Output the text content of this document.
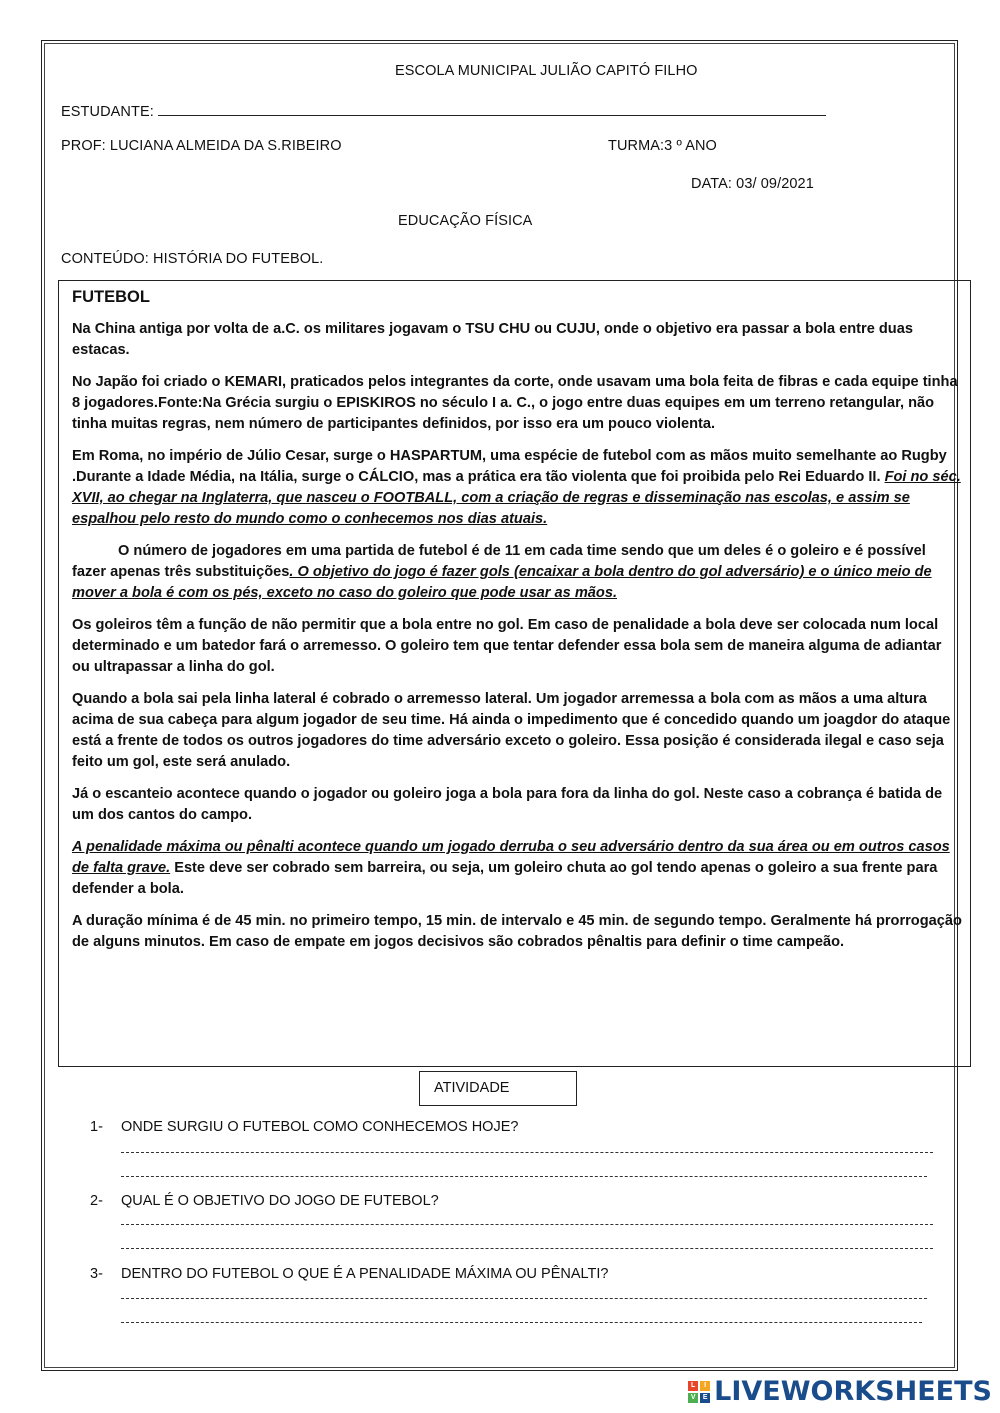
ESCOLA MUNICIPAL JULIÃO CAPITÓ FILHO
ESTUDANTE:
PROF: LUCIANA ALMEIDA DA S.RIBEIRO	TURMA:3 º ANO
DATA: 03/ 09/2021
EDUCAÇÃO FÍSICA
CONTEÚDO: HISTÓRIA DO FUTEBOL.
FUTEBOL

Na China antiga por volta de a.C. os militares jogavam o TSU CHU ou CUJU, onde o objetivo era passar a bola entre duas estacas.

No Japão foi criado o KEMARI, praticados pelos integrantes da corte, onde usavam uma bola feita de fibras e cada equipe tinha 8 jogadores.Fonte:Na Grécia surgiu o EPISKIROS no século I a. C., o jogo entre duas equipes em um terreno retangular, não tinha muitas regras, nem número de participantes definidos, por isso era um pouco violenta.

Em Roma, no império de Júlio Cesar, surge o HASPARTUM, uma espécie de futebol com as mãos muito semelhante ao Rugby .Durante a Idade Média, na Itália, surge o CÁLCIO, mas a prática era tão violenta que foi proibida pelo Rei Eduardo II. Foi no séc. XVII, ao chegar na Inglaterra, que nasceu o FOOTBALL, com a criação de regras e disseminação nas escolas, e assim se espalhou pelo resto do mundo como o conhecemos nos dias atuais.

O número de jogadores em uma partida de futebol é de 11 em cada time sendo que um deles é o goleiro e é possível fazer apenas três substituições. O objetivo do jogo é fazer gols (encaixar a bola dentro do gol adversário) e o único meio de mover a bola é com os pés, exceto no caso do goleiro que pode usar as mãos.

Os goleiros têm a função de não permitir que a bola entre no gol. Em caso de penalidade a bola deve ser colocada num local determinado e um batedor fará o arremesso. O goleiro tem que tentar defender essa bola sem de maneira alguma de adiantar ou ultrapassar a linha do gol.

Quando a bola sai pela linha lateral é cobrado o arremesso lateral. Um jogador arremessa a bola com as mãos a uma altura acima de sua cabeça para algum jogador de seu time. Há ainda o impedimento que é concedido quando um joagdor do ataque está a frente de todos os outros jogadores do time adversário exceto o goleiro. Essa posição é considerada ilegal e caso seja feito um gol, este será anulado.

Já o escanteio acontece quando o jogador ou goleiro joga a bola para fora da linha do gol. Neste caso a cobrança é batida de um dos cantos do campo.

A penalidade máxima ou pênalti acontece quando um jogado derruba o seu adversário dentro da sua área ou em outros casos de falta grave. Este deve ser cobrado sem barreira, ou seja, um goleiro chuta ao gol tendo apenas o goleiro a sua frente para defender a bola.

A duração mínima é de 45 min. no primeiro tempo, 15 min. de intervalo e 45 min. de segundo tempo. Geralmente há prorrogação de alguns minutos. Em caso de empate em jogos decisivos são cobrados pênaltis para definir o time campeão.

ATIVIDADE
1- ONDE SURGIU O FUTEBOL COMO CONHECEMOS HOJE?
2- QUAL É O OBJETIVO DO JOGO DE FUTEBOL?
3- DENTRO DO FUTEBOL O QUE É A PENALIDADE MÁXIMA OU PÊNALTI?
L	I
V	E LIVEWORKSHEETS
